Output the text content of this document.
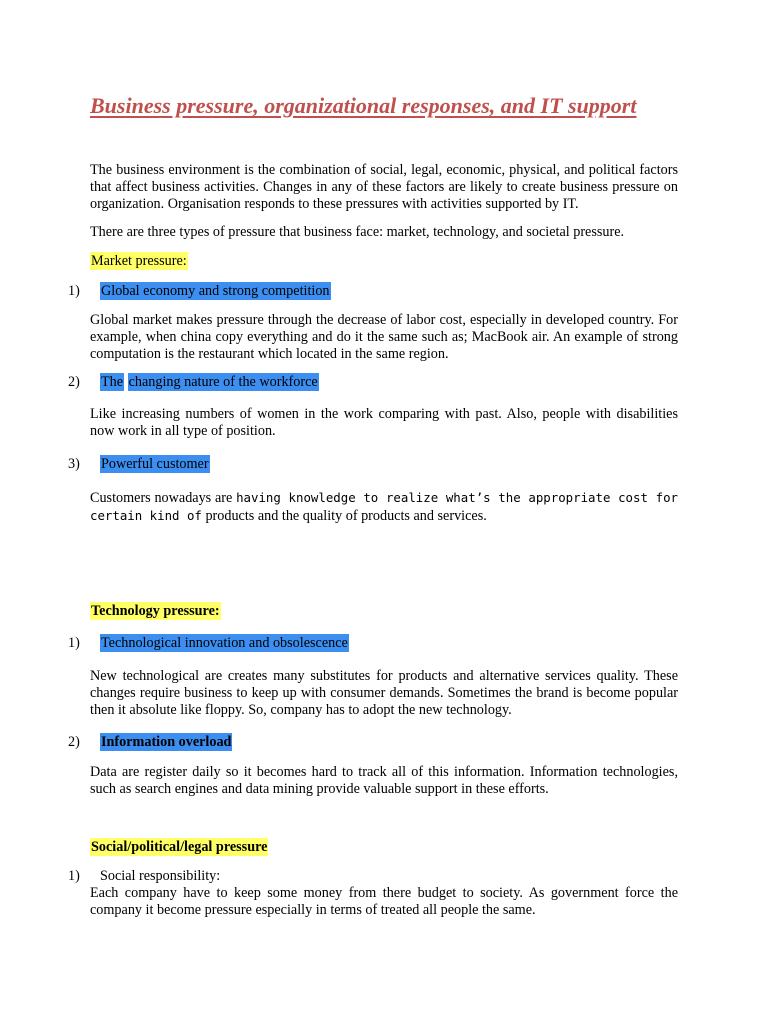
Business pressure, organizational responses, and IT support

The business environment is the combination of social, legal, economic, physical, and political factors that affect business activities. Changes in any of these factors are likely to create business pressure on organization. Organisation responds to these pressures with activities supported by IT.

There are three types of pressure that business face: market, technology, and societal pressure.

Market pressure:

1) Global economy and strong competition

Global market makes pressure through the decrease of labor cost, especially in developed country. For example, when china copy everything and do it the same such as; MacBook air. An example of strong computation is the restaurant which located in the same region.

2) The changing nature of the workforce

Like increasing numbers of women in the work comparing with past. Also, people with disabilities now work in all type of position.

3) Powerful customer

Customers nowadays are having knowledge to realize what’s the appropriate cost for certain kind of products and the quality of products and services.

Technology pressure:

1) Technological innovation and obsolescence

New technological are creates many substitutes for products and alternative services quality. These changes require business to keep up with consumer demands. Sometimes the brand is become popular then it absolute like floppy. So, company has to adopt the new technology.

2) Information overload

Data are register daily so it becomes hard to track all of this information. Information technologies, such as search engines and data mining provide valuable support in these efforts.

Social/political/legal pressure

1) Social responsibility:

Each company have to keep some money from there budget to society. As government force the company it become pressure especially in terms of treated all people the same.
